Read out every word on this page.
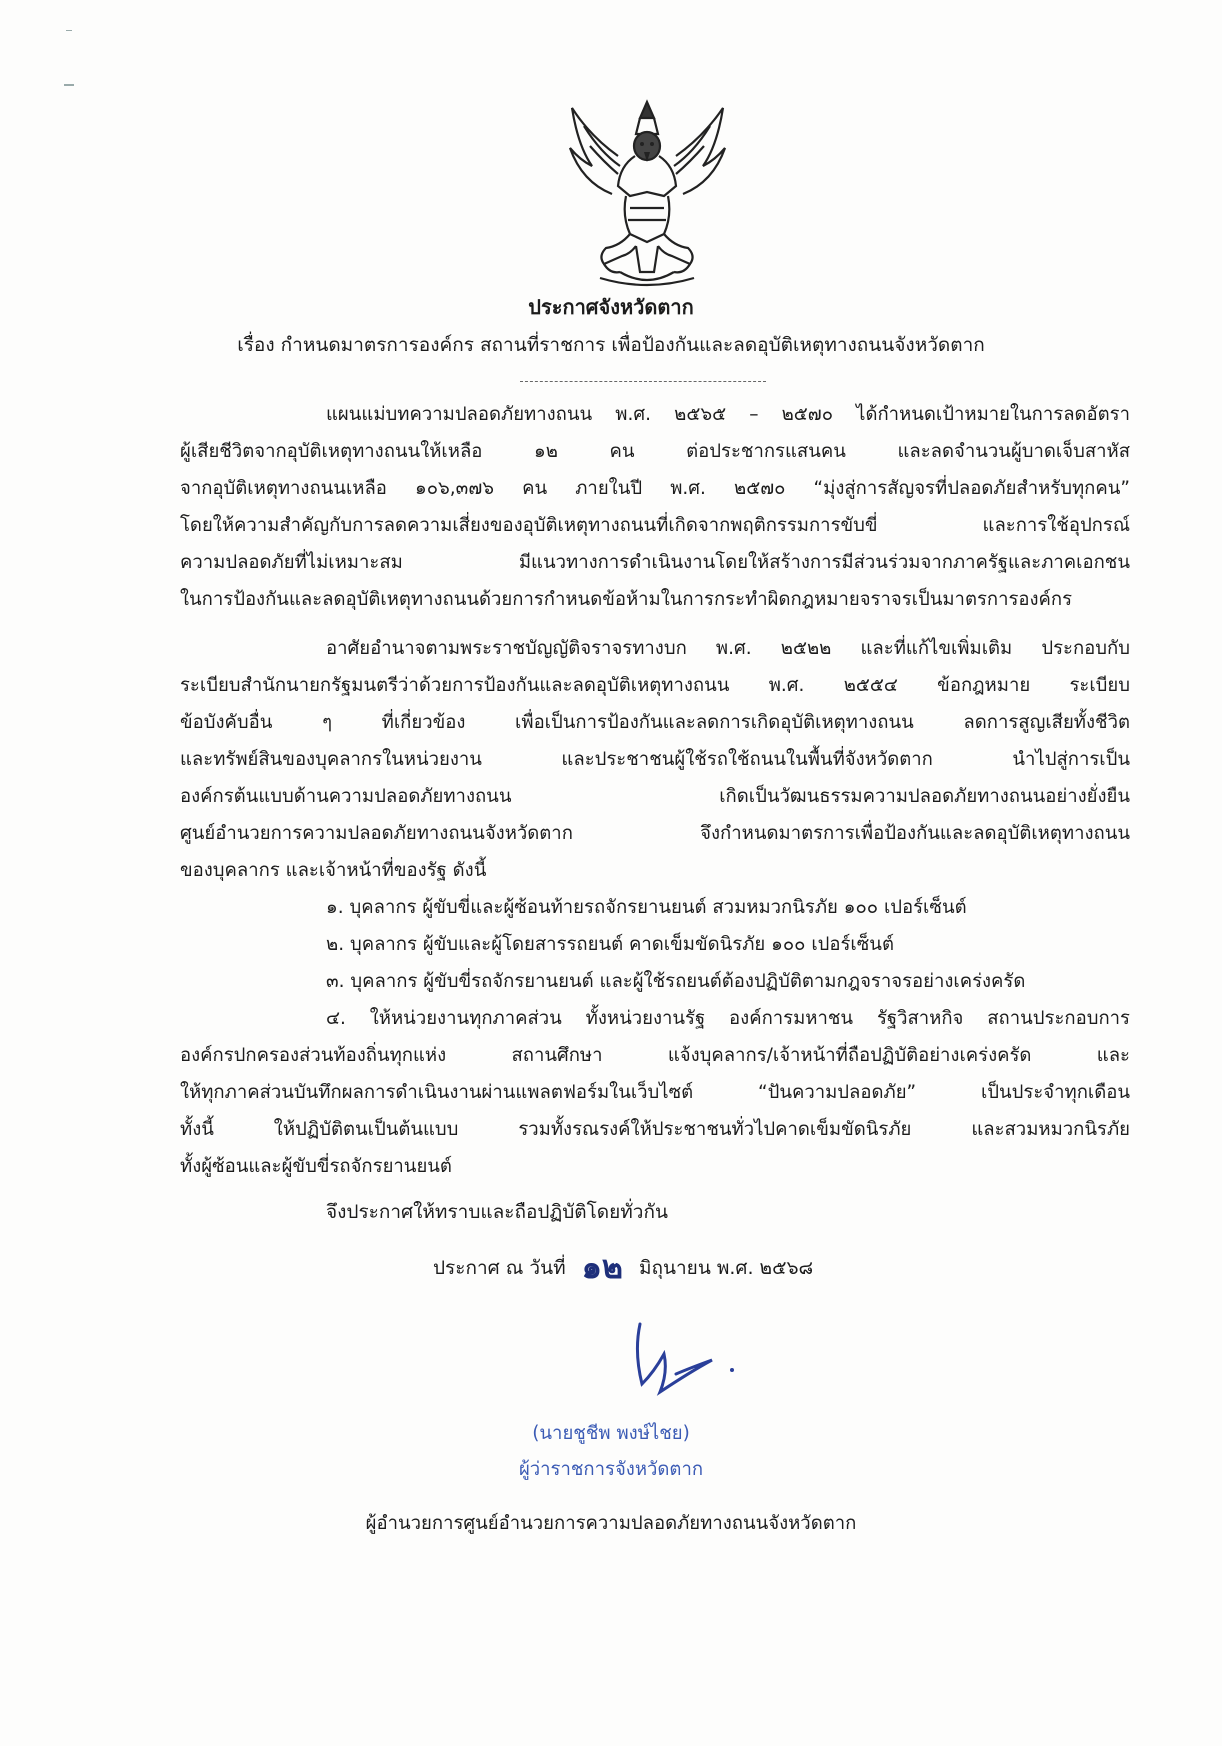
ประกาศจังหวัดตาก
เรื่อง กำหนดมาตรการองค์กร สถานที่ราชการ เพื่อป้องกันและลดอุบัติเหตุทางถนนจังหวัดตาก
แผนแม่บทความปลอดภัยทางถนน พ.ศ. ๒๕๖๕ – ๒๕๗๐ ได้กำหนดเป้าหมายในการลดอัตรา
ผู้เสียชีวิตจากอุบัติเหตุทางถนนให้เหลือ ๑๒ คน ต่อประชากรแสนคน และลดจำนวนผู้บาดเจ็บสาหัส
จากอุบัติเหตุทางถนนเหลือ ๑๐๖,๓๗๖ คน ภายในปี พ.ศ. ๒๕๗๐ “มุ่งสู่การสัญจรที่ปลอดภัยสำหรับทุกคน”
โดยให้ความสำคัญกับการลดความเสี่ยงของอุบัติเหตุทางถนนที่เกิดจากพฤติกรรมการขับขี่ และการใช้อุปกรณ์
ความปลอดภัยที่ไม่เหมาะสม มีแนวทางการดำเนินงานโดยให้สร้างการมีส่วนร่วมจากภาครัฐและภาคเอกชน
ในการป้องกันและลดอุบัติเหตุทางถนนด้วยการกำหนดข้อห้ามในการกระทำผิดกฎหมายจราจรเป็นมาตรการองค์กร
อาศัยอำนาจตามพระราชบัญญัติจราจรทางบก พ.ศ. ๒๕๒๒ และที่แก้ไขเพิ่มเติม ประกอบกับ
ระเบียบสำนักนายกรัฐมนตรีว่าด้วยการป้องกันและลดอุบัติเหตุทางถนน พ.ศ. ๒๕๕๔ ข้อกฎหมาย ระเบียบ
ข้อบังคับอื่น ๆ ที่เกี่ยวข้อง เพื่อเป็นการป้องกันและลดการเกิดอุบัติเหตุทางถนน ลดการสูญเสียทั้งชีวิต
และทรัพย์สินของบุคลากรในหน่วยงาน และประชาชนผู้ใช้รถใช้ถนนในพื้นที่จังหวัดตาก นำไปสู่การเป็น
องค์กรต้นแบบด้านความปลอดภัยทางถนน เกิดเป็นวัฒนธรรมความปลอดภัยทางถนนอย่างยั่งยืน
ศูนย์อำนวยการความปลอดภัยทางถนนจังหวัดตาก จึงกำหนดมาตรการเพื่อป้องกันและลดอุบัติเหตุทางถนน
ของบุคลากร และเจ้าหน้าที่ของรัฐ ดังนี้
๑. บุคลากร ผู้ขับขี่และผู้ซ้อนท้ายรถจักรยานยนต์ สวมหมวกนิรภัย ๑๐๐ เปอร์เซ็นต์
๒. บุคลากร ผู้ขับและผู้โดยสารรถยนต์ คาดเข็มขัดนิรภัย ๑๐๐ เปอร์เซ็นต์
๓. บุคลากร ผู้ขับขี่รถจักรยานยนต์ และผู้ใช้รถยนต์ต้องปฏิบัติตามกฎจราจรอย่างเคร่งครัด
๔. ให้หน่วยงานทุกภาคส่วน ทั้งหน่วยงานรัฐ องค์การมหาชน รัฐวิสาหกิจ สถานประกอบการ
องค์กรปกครองส่วนท้องถิ่นทุกแห่ง สถานศึกษา แจ้งบุคลากร/เจ้าหน้าที่ถือปฏิบัติอย่างเคร่งครัด และ
ให้ทุกภาคส่วนบันทึกผลการดำเนินงานผ่านแพลตฟอร์มในเว็บไซต์ “ปันความปลอดภัย” เป็นประจำทุกเดือน
ทั้งนี้ ให้ปฏิบัติตนเป็นต้นแบบ รวมทั้งรณรงค์ให้ประชาชนทั่วไปคาดเข็มขัดนิรภัย และสวมหมวกนิรภัย
ทั้งผู้ซ้อนและผู้ขับขี่รถจักรยานยนต์
จึงประกาศให้ทราบและถือปฏิบัติโดยทั่วกัน
ประกาศ ณ วันที่ ๑๒ มิถุนายน พ.ศ. ๒๕๖๘
(นายชูชีพ พงษ์ไชย)
ผู้ว่าราชการจังหวัดตาก
ผู้อำนวยการศูนย์อำนวยการความปลอดภัยทางถนนจังหวัดตาก
